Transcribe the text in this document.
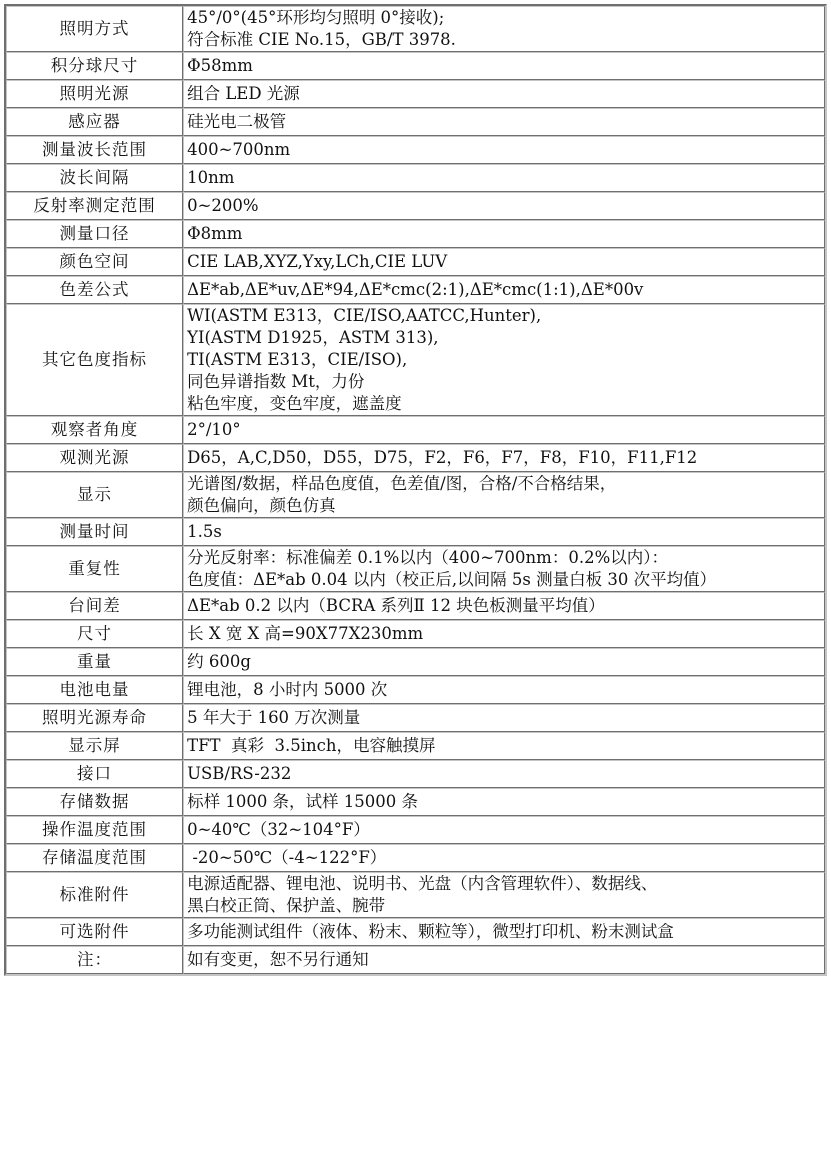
照明方式	45°/0°(45°环形均匀照明 0°接收);
符合标准 CIE No.15，GB/T 3978.

积分球尺寸	Φ58mm

照明光源	组合 LED 光源

感应器	硅光电二极管

测量波长范围	400~700nm

波长间隔	10nm

反射率测定范围	0~200%

测量口径	Φ8mm

颜色空间	CIE LAB,XYZ,Yxy,LCh,CIE LUV

色差公式	ΔE*ab,ΔE*uv,ΔE*94,ΔE*cmc(2:1),ΔE*cmc(1:1),ΔE*00v

其它色度指标	WI(ASTM E313，CIE/ISO,AATCC,Hunter),
YI(ASTM D1925，ASTM 313),
TI(ASTM E313，CIE/ISO),
同色异谱指数 Mt，力份
粘色牢度，变色牢度，遮盖度

观察者角度	2°/10°

观测光源	D65，A,C,D50，D55，D75，F2，F6，F7，F8，F10，F11,F12

显示	光谱图/数据，样品色度值，色差值/图，合格/不合格结果，
颜色偏向，颜色仿真

测量时间	1.5s

重复性	分光反射率：标准偏差 0.1%以内（400~700nm：0.2%以内）：
色度值：ΔE*ab 0.04 以内（校正后,以间隔 5s 测量白板 30 次平均值）

台间差	ΔE*ab 0.2 以内（BCRA 系列Ⅱ 12 块色板测量平均值）

尺寸	长 X 宽 X 高=90X77X230mm

重量	约 600g

电池电量	锂电池，8 小时内 5000 次

照明光源寿命	5 年大于 160 万次测量

显示屏	TFT  真彩  3.5inch，电容触摸屏

接口	USB/RS-232

存储数据	标样 1000 条，试样 15000 条

操作温度范围	0~40℃（32~104°F）

存储温度范围	-20~50℃（-4~122°F）

标准附件	电源适配器、锂电池、说明书、光盘（内含管理软件）、数据线、
黑白校正筒、保护盖、腕带

可选附件	多功能测试组件（液体、粉末、颗粒等），微型打印机、粉末测试盒
注：	如有变更，恕不另行通知
